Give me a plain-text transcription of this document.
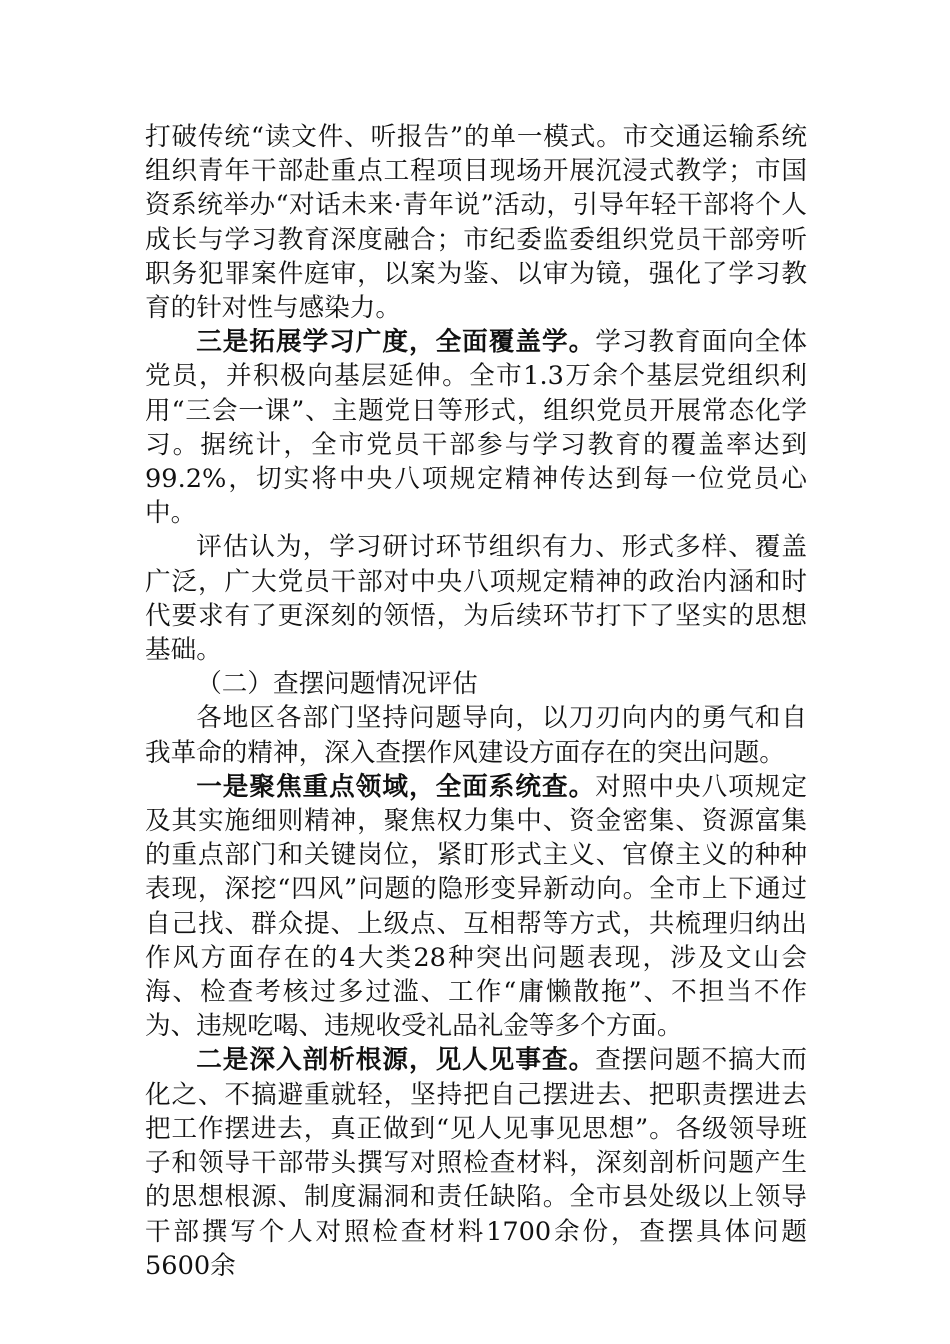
打破传统“读文件、听报告”的单一模式。市交通运输系统组织青年干部赴重点工程项目现场开展沉浸式教学；市国资系统举办“对话未来·青年说”活动，引导年轻干部将个人成长与学习教育深度融合；市纪委监委组织党员干部旁听职务犯罪案件庭审，以案为鉴、以审为镜，强化了学习教育的针对性与感染力。

三是拓展学习广度，全面覆盖学。学习教育面向全体党员，并积极向基层延伸。全市1.3万余个基层党组织利用“三会一课”、主题党日等形式，组织党员开展常态化学习。据统计，全市党员干部参与学习教育的覆盖率达到99.2%，切实将中央八项规定精神传达到每一位党员心中。

评估认为，学习研讨环节组织有力、形式多样、覆盖广泛，广大党员干部对中央八项规定精神的政治内涵和时代要求有了更深刻的领悟，为后续环节打下了坚实的思想基础。

（二）查摆问题情况评估

各地区各部门坚持问题导向，以刀刃向内的勇气和自我革命的精神，深入查摆作风建设方面存在的突出问题。

一是聚焦重点领域，全面系统查。对照中央八项规定及其实施细则精神，聚焦权力集中、资金密集、资源富集的重点部门和关键岗位，紧盯形式主义、官僚主义的种种表现，深挖“四风”问题的隐形变异新动向。全市上下通过自己找、群众提、上级点、互相帮等方式，共梳理归纳出作风方面存在的4大类28种突出问题表现，涉及文山会海、检查考核过多过滥、工作“庸懒散拖”、不担当不作为、违规吃喝、违规收受礼品礼金等多个方面。

二是深入剖析根源，见人见事查。查摆问题不搞大而化之、不搞避重就轻，坚持把自己摆进去、把职责摆进去把工作摆进去，真正做到“见人见事见思想”。各级领导班子和领导干部带头撰写对照检查材料，深刻剖析问题产生的思想根源、制度漏洞和责任缺陷。全市县处级以上领导干部撰写个人对照检查材料1700余份，查摆具体问题5600余
